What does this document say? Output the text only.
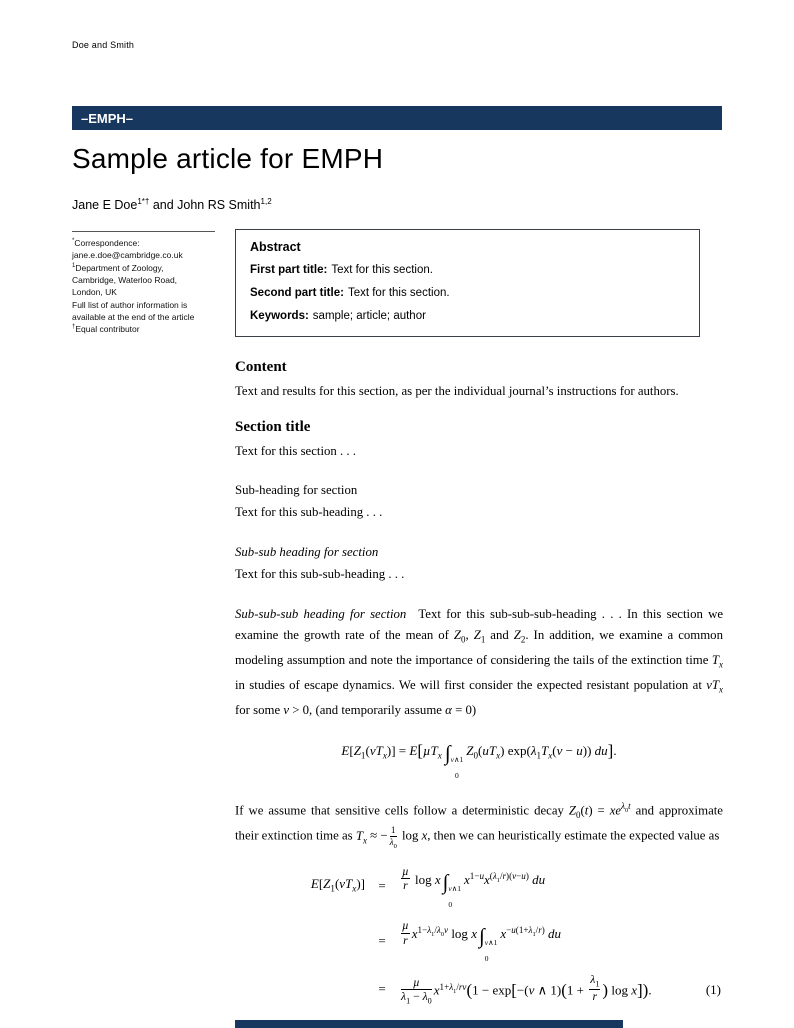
Doe and Smith
–EMPH–
Sample article for EMPH
Jane E Doe$^{1*\dagger}$ and John RS Smith$^{1,2}$
*Correspondence:
jane.e.doe@cambridge.co.uk
$^1$Department of Zoology,
Cambridge, Waterloo Road,
London, UK
Full list of author information is
available at the end of the article
†Equal contributor
Abstract

First part title: Text for this section.

Second part title: Text for this section.

Keywords: sample; article; author

Content

Text and results for this section, as per the individual journal’s instructions for authors.

Section title

Text for this section . . .

Sub-heading for section

Text for this sub-heading . . .

Sub-sub heading for section

Text for this sub-sub-heading . . .

Sub-sub-sub heading for section Text for this sub-sub-sub-heading . . . In this section we examine the growth rate of the mean of $Z_0$, $Z_1$ and $Z_2$. In addition, we examine a common modeling assumption and note the importance of considering the tails of the extinction time $T_x$ in studies of escape dynamics. We will first consider the expected resistant population at $vT_x$ for some v > 0, (and temporarily assume α = 0)

$E[Z_1(vT_x)] = E[\mu T_x$  ∫ v∧1
0
$Z_0(uT_x) \exp(\lambda_1T_x(v - u))$ du].

If we assume that sensitive cells follow a deterministic decay $Z_0(t) = xe^{\lambda_0t}$ and approximate their extinction time as $T_x$ ≈ − $\frac{1}{\lambda_0}$ log x, then we can heuristically estimate the expected value as

$E[Z_1(vT_x)]$	=
µ
r log x∫ v∧1
0
$x^{1-u}x^{(\lambda_1/r)(v-u)}$ du
=
µ
r $x^{1-\lambda_1/\lambda_0v}$ log x∫ v∧1
0
$x^{-u(1+\lambda_1/r)}$ du
=	µ
$\lambda_1 - \lambda_0$
$x^{1+\lambda_1/rv}(1 - \exp[-(v$ ∧ $1)(1 + \frac{\lambda_1}{r}$ ) log x]).	(1)
